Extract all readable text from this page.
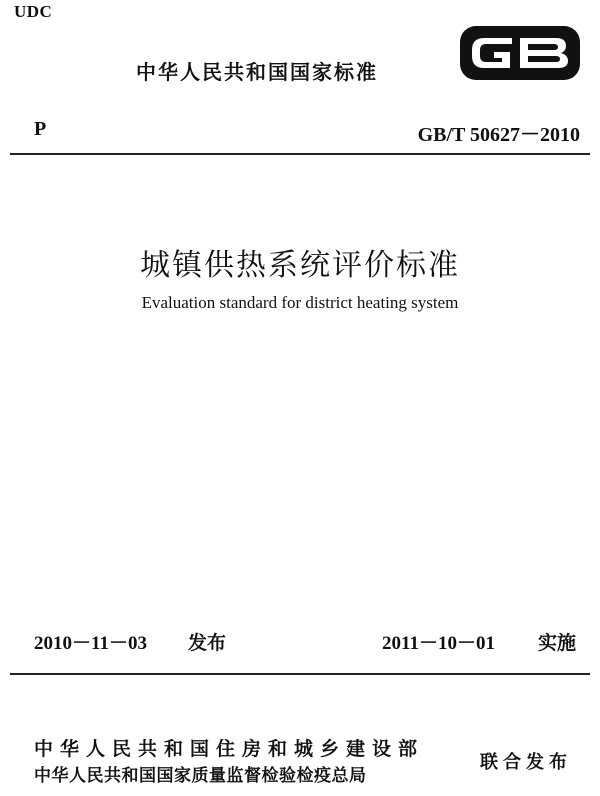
UDC
中华人民共和国国家标准
P	GB/T 50627－2010
城镇供热系统评价标准
Evaluation standard for district heating system
2010－11－03 发布	2011－10－01 实施
中华人民共和国住房和城乡建设部
中华人民共和国国家质量监督检验检疫总局
联合发布
